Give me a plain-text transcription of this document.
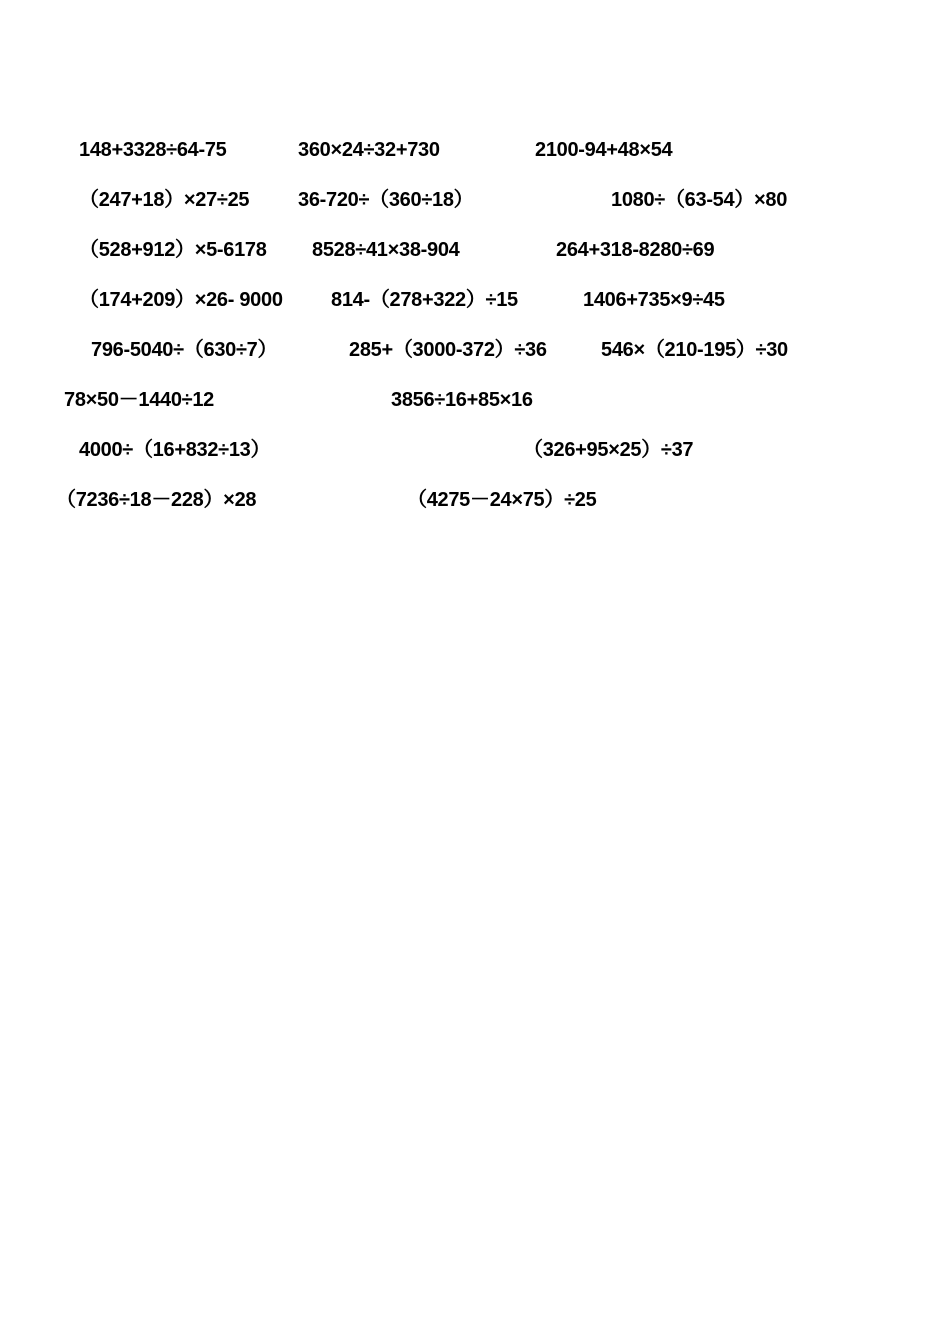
148+3328÷64-75	360×24÷32+730	2100-94+48×54
（247+18）×27÷25 36-720÷（360÷18）	1080÷（63-54）×80
（528+912）×5-6178 8528÷41×38-904	264+318-8280÷69
（174+209）×26- 9000 814-（278+322）÷15	1406+735×9÷45
796-5040÷（630÷7）	285+（3000-372）÷36	546×（210-195）÷30
78×50－1440÷12	3856÷16+85×16
4000÷（16+832÷13）	（326+95×25）÷37
（7236÷18－228）×28	（4275－24×75）÷25
